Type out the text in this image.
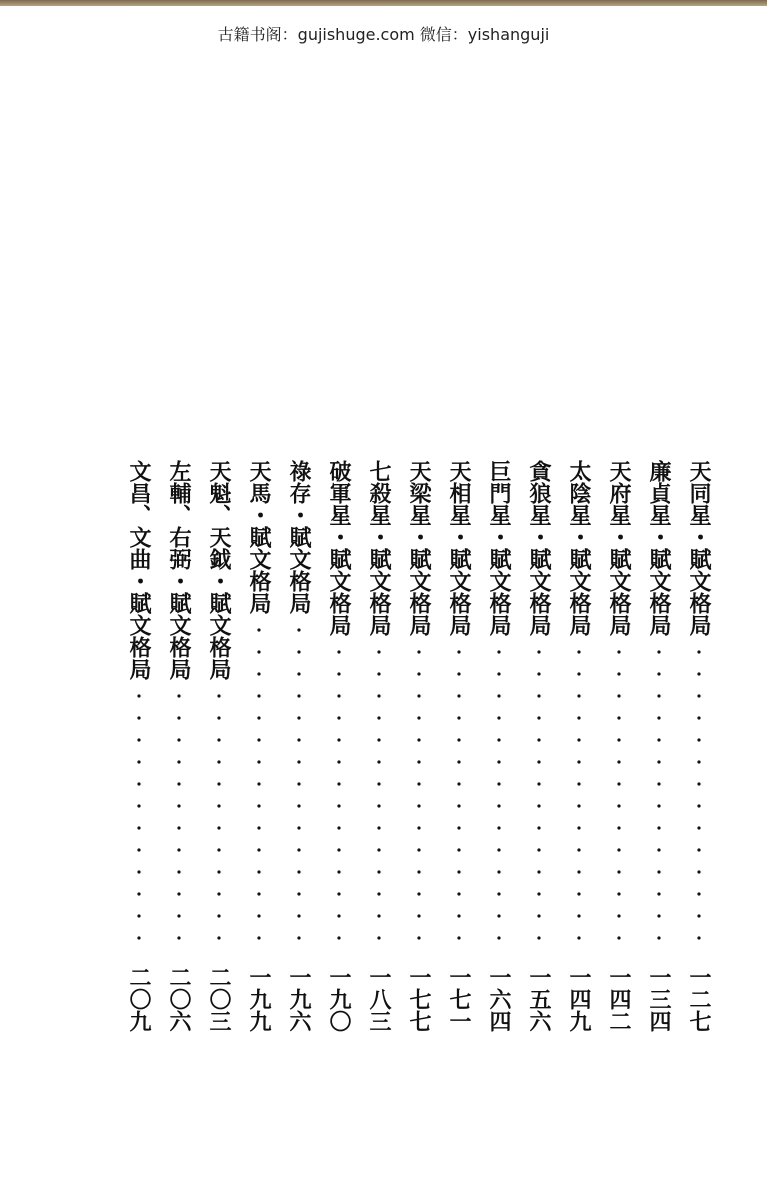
古籍书阁：gujishuge.com 微信：yishanguji
天同星・賦文格局
一二七
廉貞星・賦文格局
一三四
天府星・賦文格局
一四二
太陰星・賦文格局
一四九
貪狼星・賦文格局
一五六
巨門星・賦文格局
一六四
天相星・賦文格局
一七一
天梁星・賦文格局
一七七
七殺星・賦文格局
一八三
破軍星・賦文格局
一九〇
祿存・賦文格局
一九六
天馬・賦文格局
一九九
天魁、天鉞・賦文格局
二〇三
左輔、右弼・賦文格局
二〇六
文昌、文曲・賦文格局
二〇九
